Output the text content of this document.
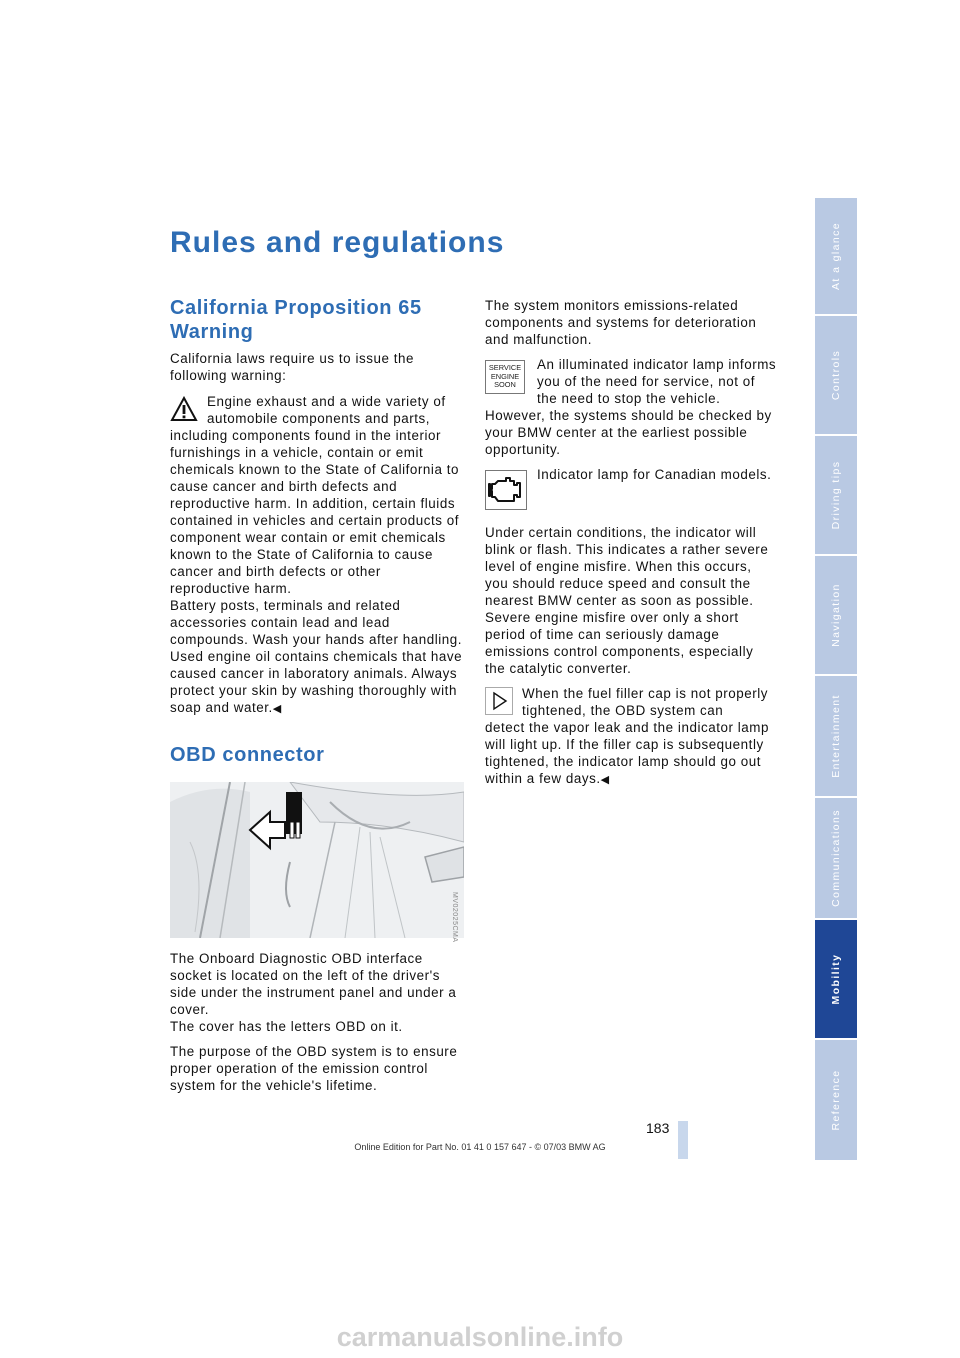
Rules and regulations
California Proposition 65 Warning

California laws require us to issue the following warning:

Engine exhaust and a wide variety of automobile components and parts,

including components found in the interior furnishings in a vehicle, contain or emit chemicals known to the State of California to cause cancer and birth defects and reproductive harm. In addition, certain fluids contained in vehicles and certain products of component wear contain or emit chemicals known to the State of California to cause cancer and birth defects or other reproductive harm.

Battery posts, terminals and related accessories contain lead and lead compounds. Wash your hands after handling.

Used engine oil contains chemicals that have caused cancer in laboratory animals. Always protect your skin by washing thoroughly with soap and water.◀

OBD connector
MV02025CMA

The Onboard Diagnostic OBD interface socket is located on the left of the driver's side under the instrument panel and under a cover.

The cover has the letters OBD on it.

The purpose of the OBD system is to ensure proper operation of the emission control system for the vehicle's lifetime.

The system monitors emissions-related components and systems for deterioration and malfunction.

SERVICE ENGINE SOON

An illuminated indicator lamp informs you of the need for service, not of the need to stop the vehicle.

However, the systems should be checked by your BMW center at the earliest possible opportunity.

Indicator lamp for Canadian models.

Under certain conditions, the indicator will blink or flash. This indicates a rather severe level of engine misfire. When this occurs, you should reduce speed and consult the nearest BMW center as soon as possible. Severe engine misfire over only a short period of time can seriously damage emissions control components, especially the catalytic converter.

When the fuel filler cap is not properly tightened, the OBD system can

detect the vapor leak and the indicator lamp will light up. If the filler cap is subsequently tightened, the indicator lamp should go out within a few days.◀

At a glance
Controls
Driving tips
Navigation
Entertainment
Communications
Mobility
Reference
183
Online Edition for Part No. 01 41 0 157 647 - © 07/03 BMW AG
carmanualsonline.info
